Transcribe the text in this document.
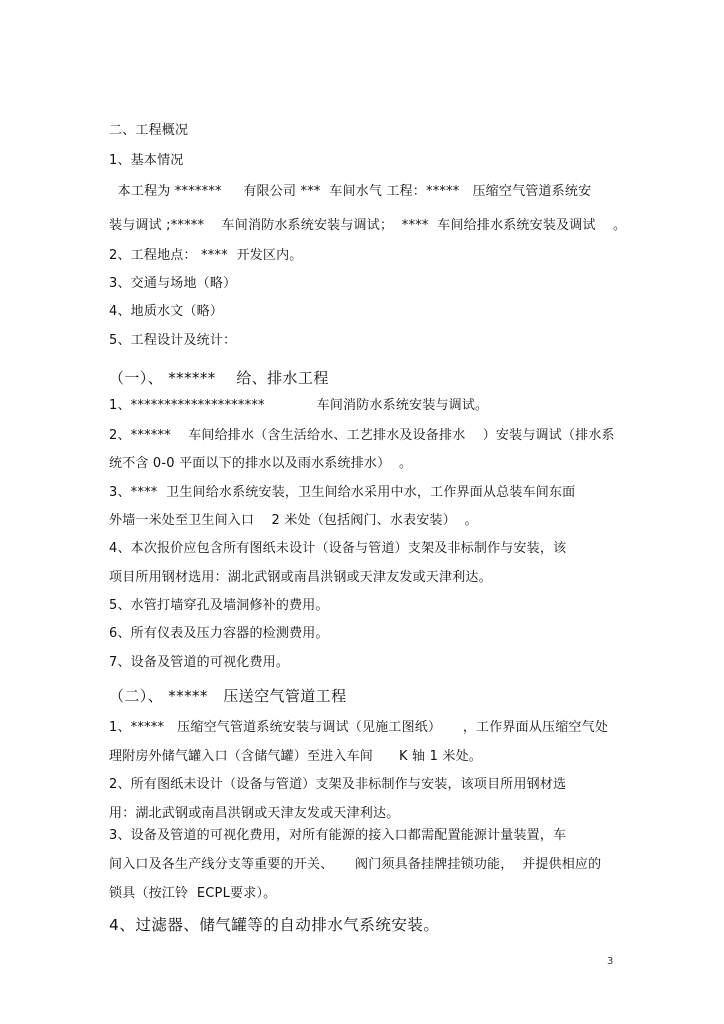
二、工程概况
1、基本情况
本工程为 *******     有限公司 ***  车间水气 工程：*****   压缩空气管道系统安
装与调试 ;*****    车间消防水系统安装与调试；  ****  车间给排水系统安装及调试    。
2、工程地点： ****  开发区内。
3、交通与场地（略）
4、地质水文（略）
5、工程设计及统计：
（一）、 ******    给、排水工程
1、********************            车间消防水系统安装与调试。
2、******    车间给排水（含生活给水、工艺排水及设备排水    ）安装与调试（排水系
统不含 0-0 平面以下的排水以及雨水系统排水）  。
3、****  卫生间给水系统安装，卫生间给水采用中水，工作界面从总装车间东面
外墙一米处至卫生间入口    2 米处（包括阀门、水表安装）  。
4、本次报价应包含所有图纸未设计（设备与管道）支架及非标制作与安装，该
项目所用钢材选用：湖北武钢或南昌洪钢或天津友发或天津利达。
5、水管打墙穿孔及墙洞修补的费用。
6、所有仪表及压力容器的检测费用。
7、设备及管道的可视化费用。
（二）、 *****   压送空气管道工程
1、*****   压缩空气管道系统安装与调试（见施工图纸）     ，工作界面从压缩空气处
理附房外储气罐入口（含储气罐）至进入车间      K 轴 1 米处。
2、所有图纸未设计（设备与管道）支架及非标制作与安装，该项目所用钢材选
用：湖北武钢或南昌洪钢或天津友发或天津利达。
3、设备及管道的可视化费用，对所有能源的接入口都需配置能源计量装置，车
间入口及各生产线分支等重要的开关、     阀门须具备挂牌挂锁功能，  并提供相应的
锁具（按江铃  ECPL要求）。
4、过滤器、储气罐等的自动排水气系统安装。
3
